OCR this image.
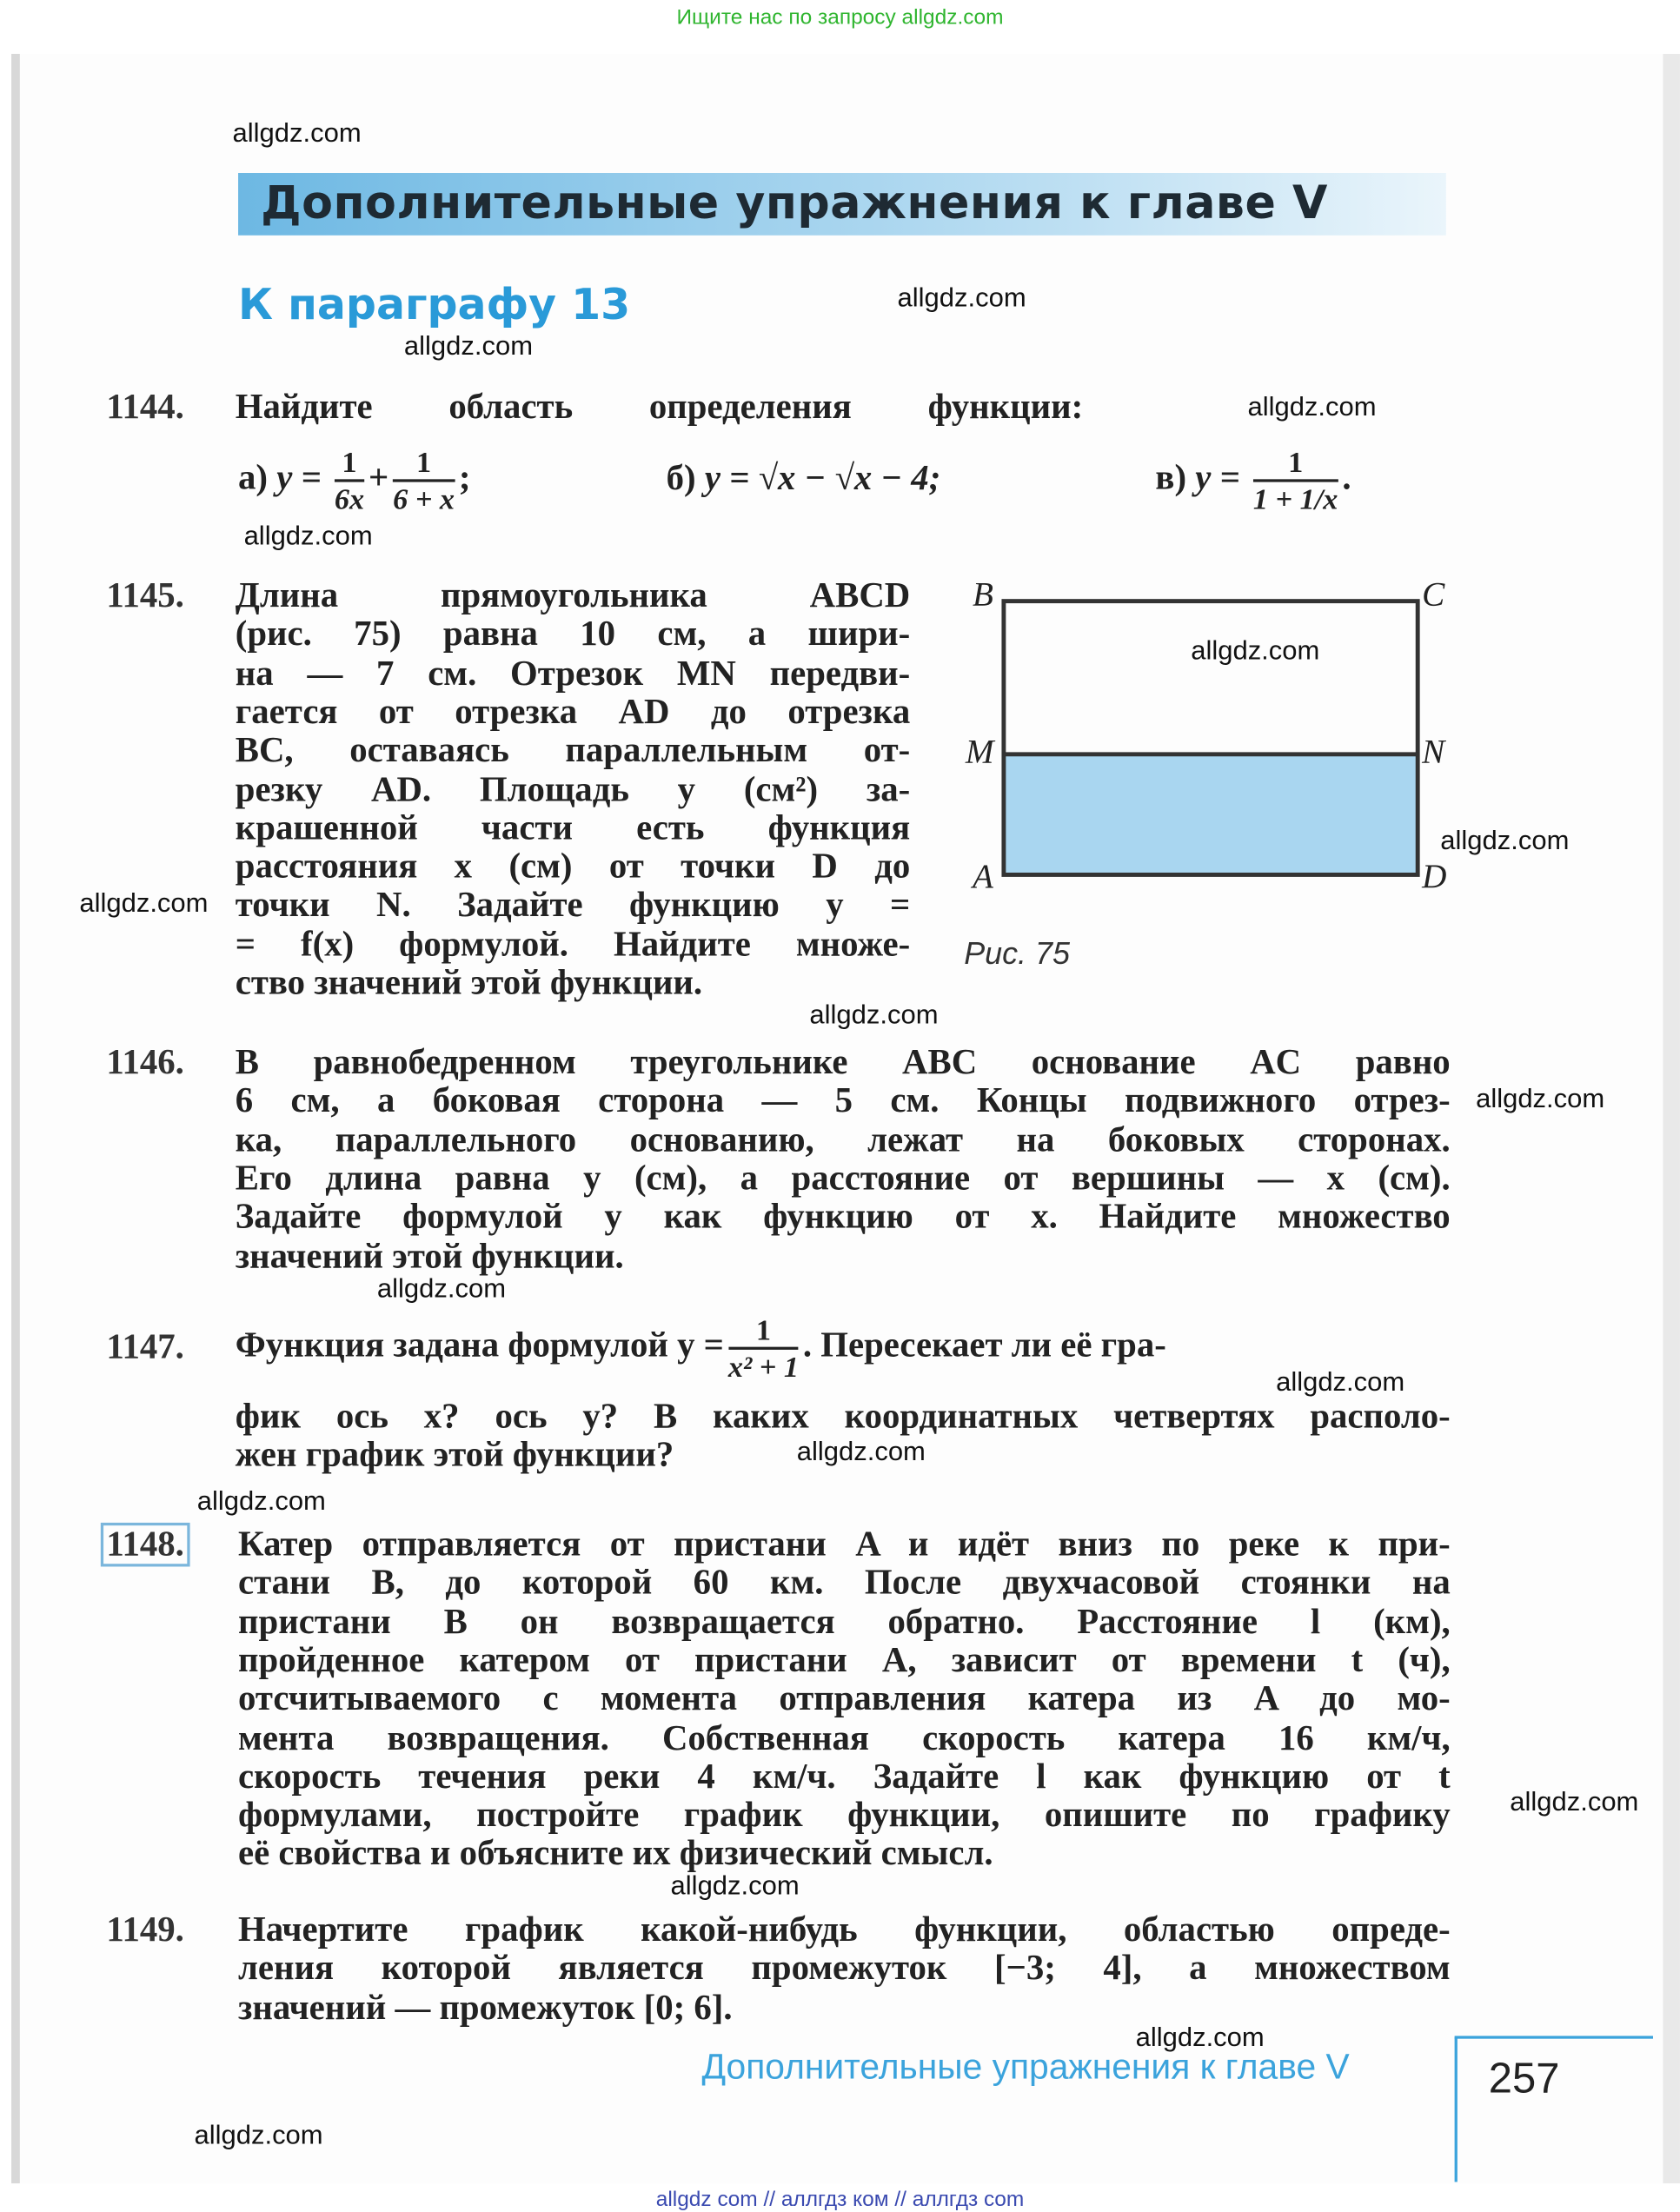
Ищите нас по запросу allgdz.com
Дополнительные упражнения к главе V
К параграфу 13
1144. Найдите область определения функции:
а) $y = \frac{1}{6x} + \frac{1}{6 + x}$ ;	б) y = √x − √x − 4;	в) $y = \frac{1}{1 + 1/x}$ .
1145. Длина прямоугольника ABCD
(рис. 75) равна 10 см, а шири-
на — 7 см. Отрезок MN передви-
гается от отрезка AD до отрезка
BC, оставаясь параллельным от-
резку AD. Площадь y (см²) за-
крашенной части есть функция
расстояния x (см) от точки D до
точки N. Задайте функцию y =
= f(x) формулой. Найдите множе-
ство значений этой функции.
B	C
M	N
A	D
Рис. 75
1146. В равнобедренном треугольнике ABC основание AC равно
6 см, а боковая сторона — 5 см. Концы подвижного отрез-
ка, параллельного основанию, лежат на боковых сторонах.
Его длина равна y (см), а расстояние от вершины — x (см).
Задайте формулой y как функцию от x. Найдите множество
значений этой функции.
1147. Функция задана формулой $y = \frac{1}{\text{x² + 1}}$ . Пересекает ли её гра-
фик ось x? ось y? В каких координатных четвертях располо-
жен график этой функции?
1148. Катер отправляется от пристани A и идёт вниз по реке к при-
стани B, до которой 60 км. После двухчасовой стоянки на
пристани B он возвращается обратно. Расстояние l (км),
пройденное катером от пристани A, зависит от времени t (ч),
отсчитываемого с момента отправления катера из A до мо-
мента возвращения. Собственная скорость катера 16 км/ч,
скорость течения реки 4 км/ч. Задайте l как функцию от t
формулами, постройте график функции, опишите по графику
её свойства и объясните их физический смысл.
1149. Начертите график какой-нибудь функции, областью опреде-
ления которой является промежуток [−3; 4], а множеством
значений — промежуток [0; 6].
allgdz.com
allgdz.com
allgdz.com
allgdz.com
allgdz.com
allgdz.com
allgdz.com
allgdz.com
allgdz.com
allgdz.com
allgdz.com
allgdz.com
allgdz.com
allgdz.com
allgdz.com
allgdz.com
allgdz.com
allgdz.com
Дополнительные упражнения к главе V	257
allgdz com // аллгдз ком // аллгдз com
